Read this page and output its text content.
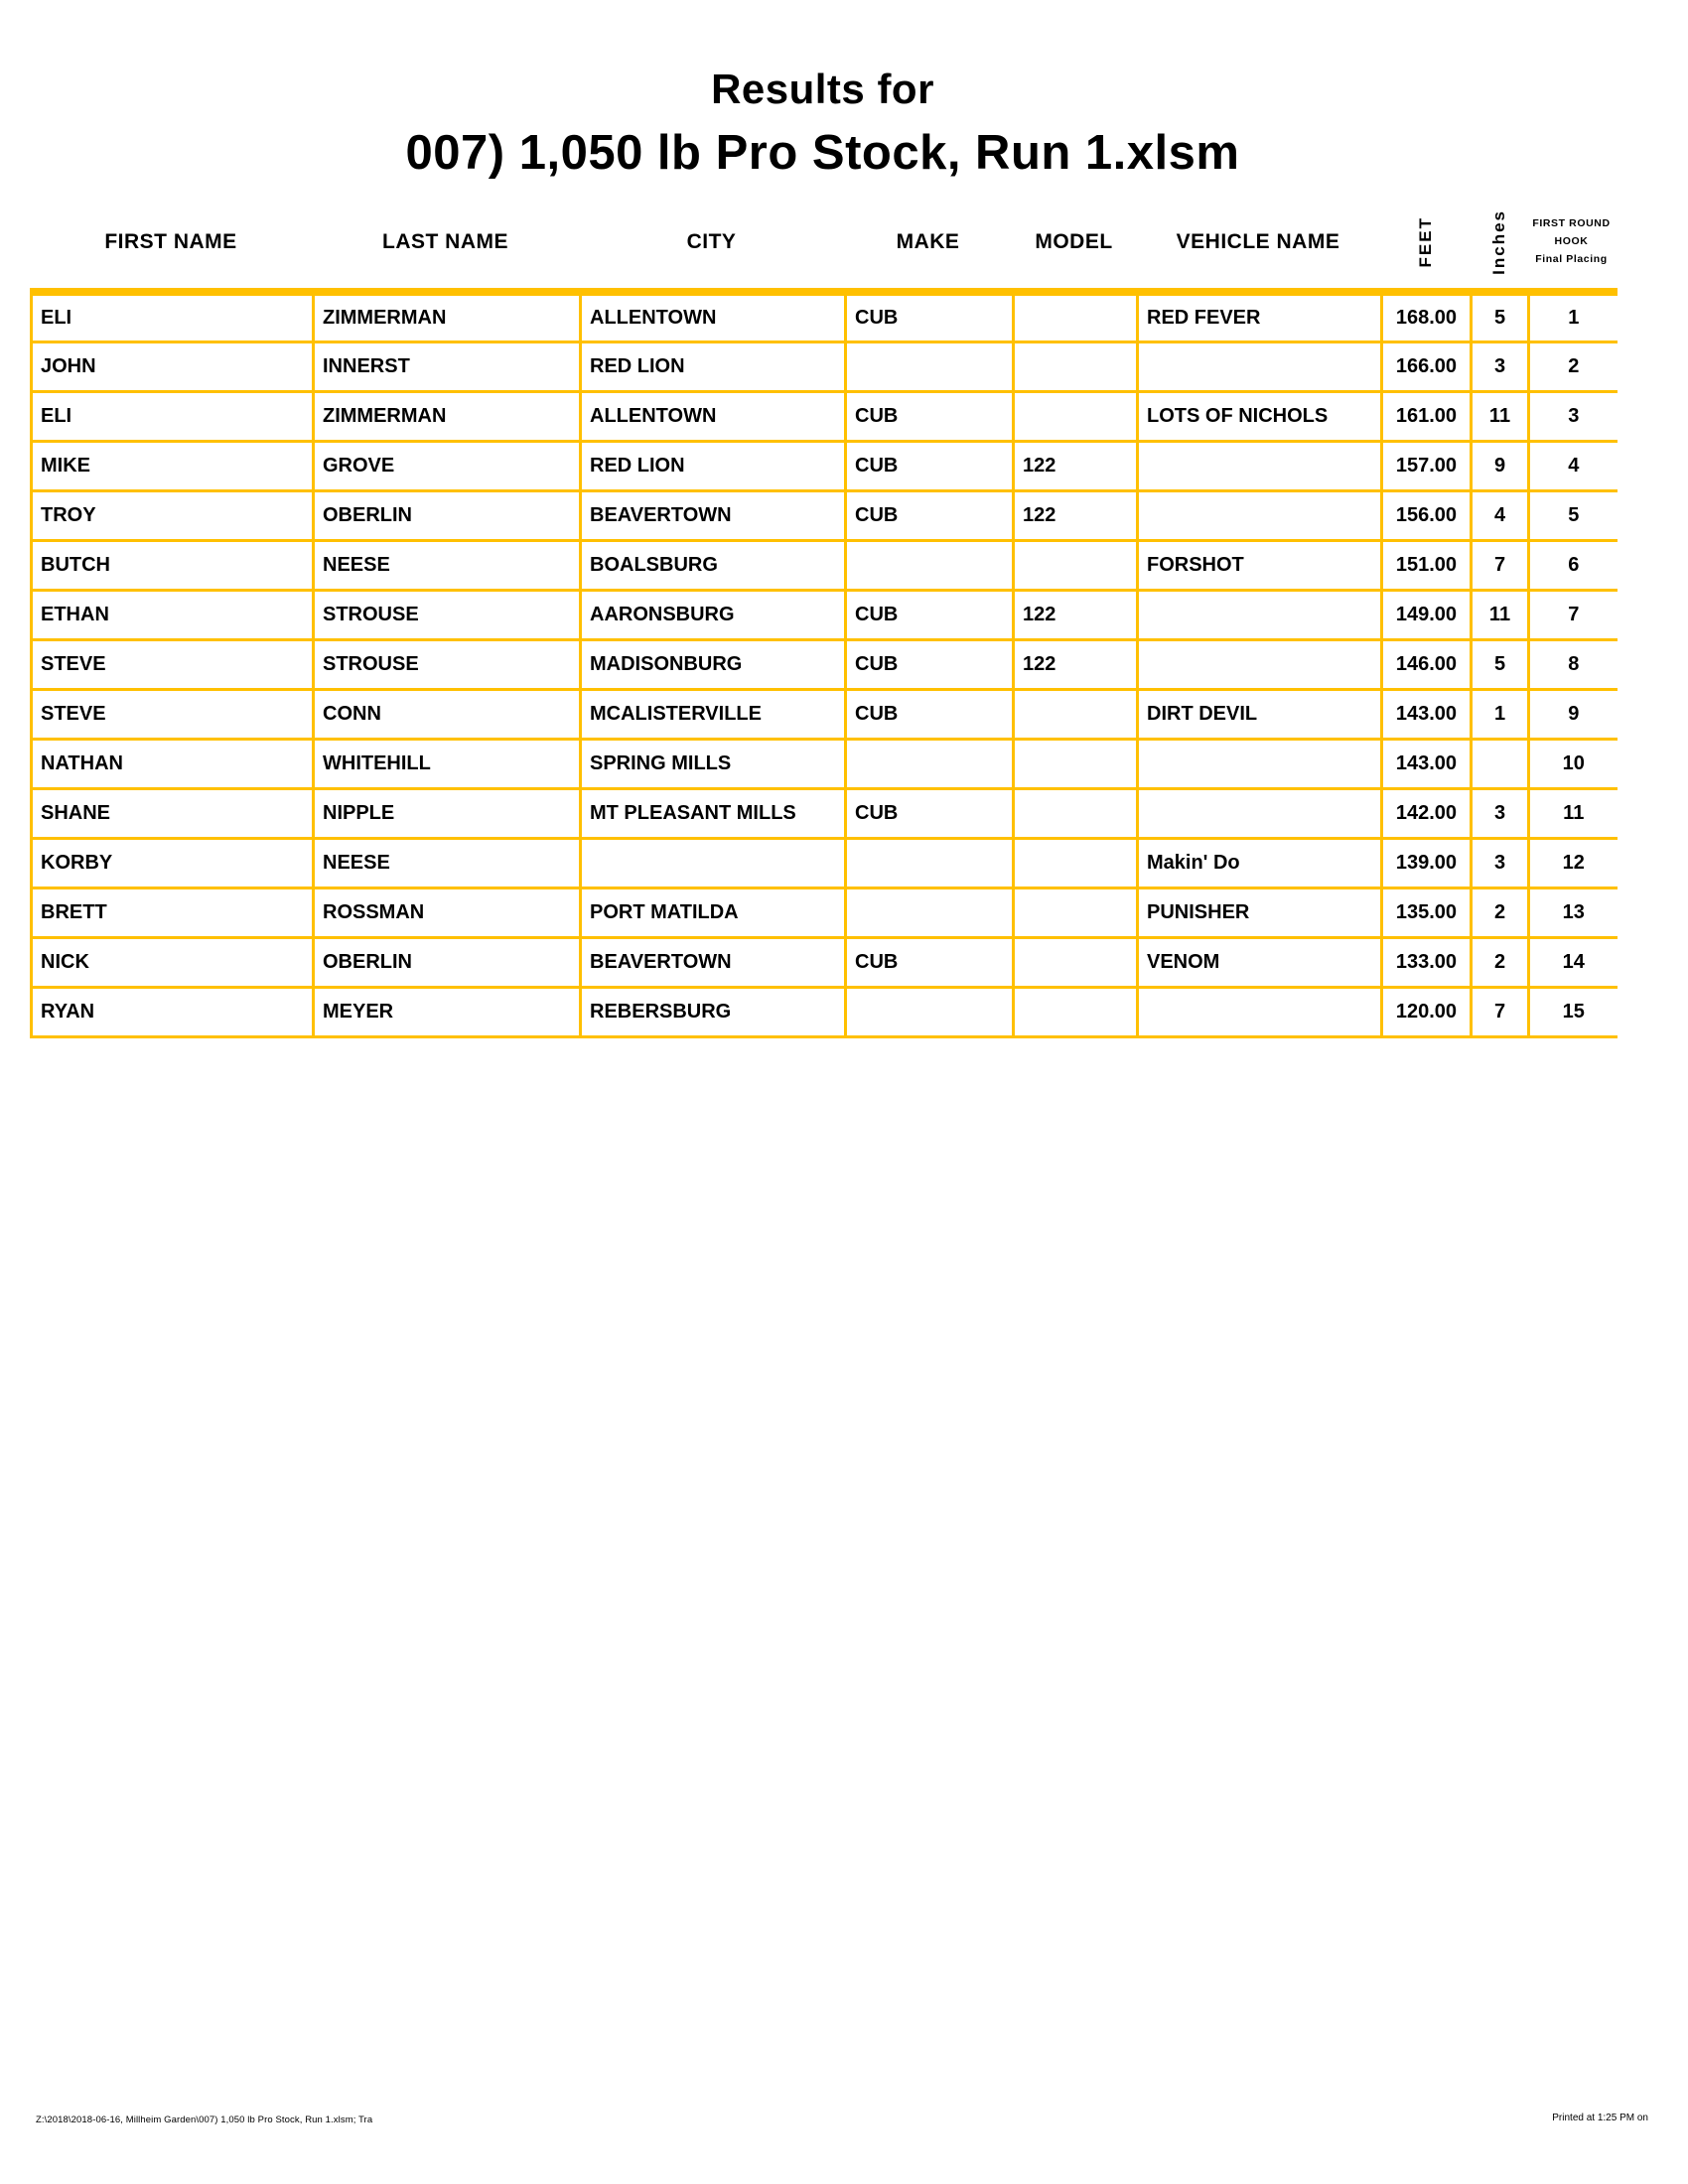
Results for
007) 1,050 lb Pro Stock, Run 1.xlsm
FIRST NAME	LAST NAME	CITY	MAKE	MODEL	VEHICLE NAME	FEET	Inches FIRST ROUND
HOOK
Final Placing
ELI	ZIMMERMAN	ALLENTOWN	CUB		RED FEVER	168.00	5	1
JOHN	INNERST	RED LION				166.00	3	2
ELI	ZIMMERMAN	ALLENTOWN	CUB		LOTS OF NICHOLS	161.00	11	3
MIKE	GROVE	RED LION	CUB	122		157.00	9	4
TROY	OBERLIN	BEAVERTOWN	CUB	122		156.00	4	5
BUTCH	NEESE	BOALSBURG			FORSHOT	151.00	7	6
ETHAN	STROUSE	AARONSBURG	CUB	122		149.00	11	7
STEVE	STROUSE	MADISONBURG	CUB	122		146.00	5	8
STEVE	CONN	MCALISTERVILLE	CUB		DIRT DEVIL	143.00	1	9
NATHAN	WHITEHILL	SPRING MILLS				143.00		10
SHANE	NIPPLE	MT PLEASANT MILLS	CUB			142.00	3	11
KORBY	NEESE				Makin' Do	139.00	3	12
BRETT	ROSSMAN	PORT MATILDA			PUNISHER	135.00	2	13
NICK	OBERLIN	BEAVERTOWN	CUB		VENOM	133.00	2	14
RYAN	MEYER	REBERSBURG				120.00	7	15
Z:\2018\2018-06-16, Millheim Garden\007) 1,050 lb Pro Stock, Run 1.xlsm; Tra	Printed at 1:25 PM on
